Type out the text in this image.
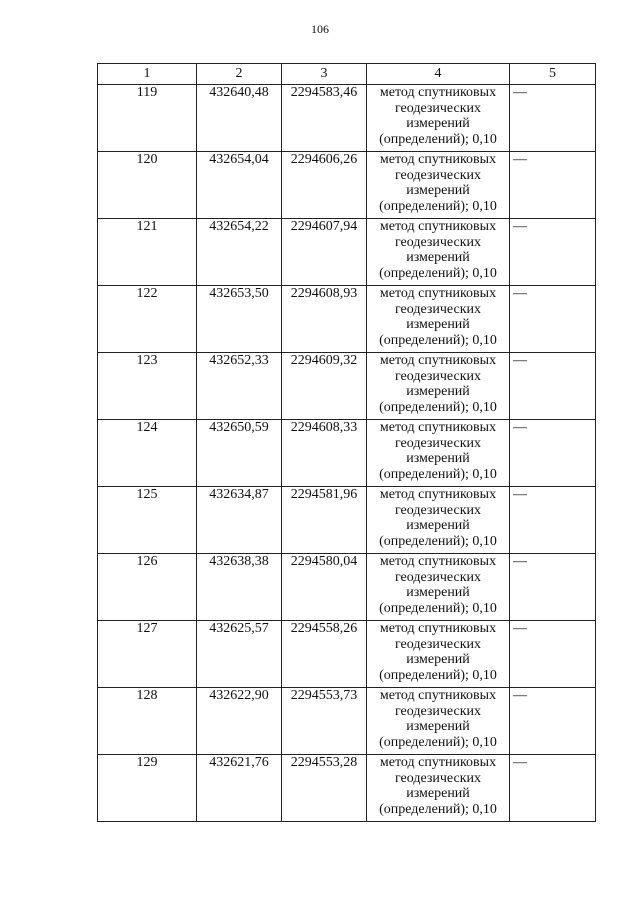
106
1	2	3	4	5
119	432640,48	2294583,46	метод спутниковых
геодезических
измерений
(определений); 0,10	—
120	432654,04	2294606,26	метод спутниковых
геодезических
измерений
(определений); 0,10	—
121	432654,22	2294607,94	метод спутниковых
геодезических
измерений
(определений); 0,10	—
122	432653,50	2294608,93	метод спутниковых
геодезических
измерений
(определений); 0,10	—
123	432652,33	2294609,32	метод спутниковых
геодезических
измерений
(определений); 0,10	—
124	432650,59	2294608,33	метод спутниковых
геодезических
измерений
(определений); 0,10	—
125	432634,87	2294581,96	метод спутниковых
геодезических
измерений
(определений); 0,10	—
126	432638,38	2294580,04	метод спутниковых
геодезических
измерений
(определений); 0,10	—
127	432625,57	2294558,26	метод спутниковых
геодезических
измерений
(определений); 0,10	—
128	432622,90	2294553,73	метод спутниковых
геодезических
измерений
(определений); 0,10	—
129	432621,76	2294553,28	метод спутниковых
геодезических
измерений
(определений); 0,10	—
